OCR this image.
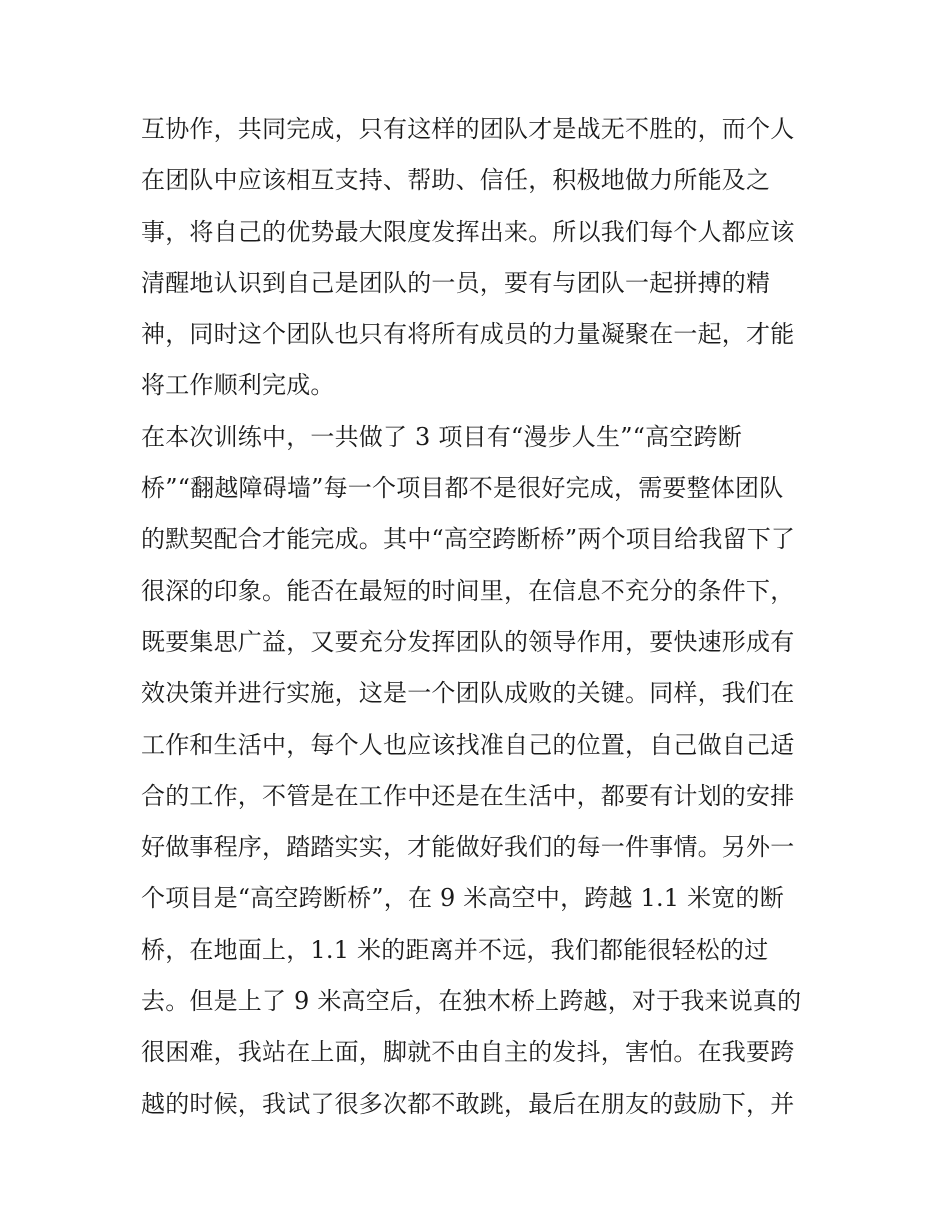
互协作，共同完成，只有这样的团队才是战无不胜的，而个人
在团队中应该相互支持、帮助、信任，积极地做力所能及之
事，将自己的优势最大限度发挥出来。所以我们每个人都应该
清醒地认识到自己是团队的一员，要有与团队一起拼搏的精
神，同时这个团队也只有将所有成员的力量凝聚在一起，才能
将工作顺利完成。
在本次训练中，一共做了 3 项目有“漫步人生”“高空跨断
桥”“翻越障碍墙”每一个项目都不是很好完成，需要整体团队
的默契配合才能完成。其中“高空跨断桥”两个项目给我留下了
很深的印象。能否在最短的时间里，在信息不充分的条件下，
既要集思广益，又要充分发挥团队的领导作用，要快速形成有
效决策并进行实施，这是一个团队成败的关键。同样，我们在
工作和生活中，每个人也应该找准自己的位置，自己做自己适
合的工作，不管是在工作中还是在生活中，都要有计划的安排
好做事程序，踏踏实实，才能做好我们的每一件事情。另外一
个项目是“高空跨断桥”，在 9 米高空中，跨越 1.1 米宽的断
桥，在地面上，1.1 米的距离并不远，我们都能很轻松的过
去。但是上了 9 米高空后，在独木桥上跨越，对于我来说真的
很困难，我站在上面，脚就不由自主的发抖，害怕。在我要跨
越的时候，我试了很多次都不敢跳，最后在朋友的鼓励下，并
